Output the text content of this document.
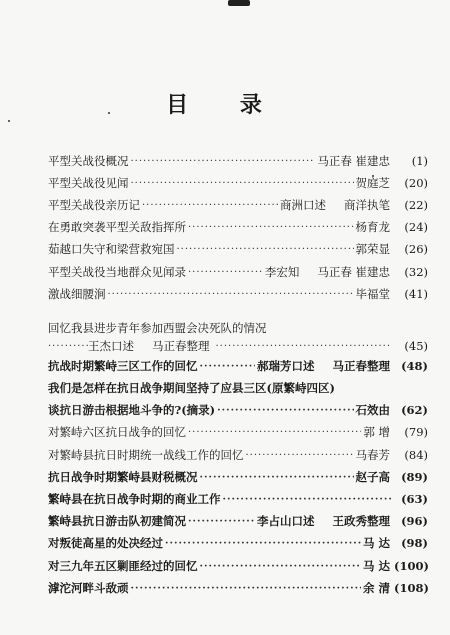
目 录
平型关战役概况 ·····	马正春 崔建忠	(1)
平型关战役见闻 ·····	贺庭芝	(20)
平型关战役亲历记 ·····	商洲口述 商洋执笔	(22)
在勇敢突袭平型关敌指挥所 ·····	杨育龙	(24)
茹越口失守和梁营救宛国 ·····	郭荣显	(26)
平型关战役当地群众见闻录 ·····	李宏知 马正春 崔建忠	(32)
激战细腰涧 ·····	毕福堂	(41)
回忆我县进步青年参加西盟会决死队的情况
·····
王杰口述 马正春整理 ·····	(45)
抗战时期繁峙三区工作的回忆 ·····	郝瑞芳口述 马正春整理 (48)
我们是怎样在抗日战争期间坚持了应县三区(原繁峙四区)
谈抗日游击根据地斗争的?(摘录) ·····	石效由 (62)
对繁峙六区抗日战争的回忆 ·····	郭 增	(79)
对繁峙县抗日时期统一战线工作的回忆 ·····	马春芳	(84)
抗日战争时期繁峙县财税概况 ·····	赵子高 (89)
繁峙县在抗日战争时期的商业工作 ·····	(63)
繁峙县抗日游击队初建简况 ·····	李占山口述 王政秀整理 (96)
对叛徒高星的处决经过 ·····	马 达 (98)
对三九年五区剿匪经过的回忆 ·····	马 达 (100)
滹沱河畔斗敌顽 ·····	余 清 (108)
